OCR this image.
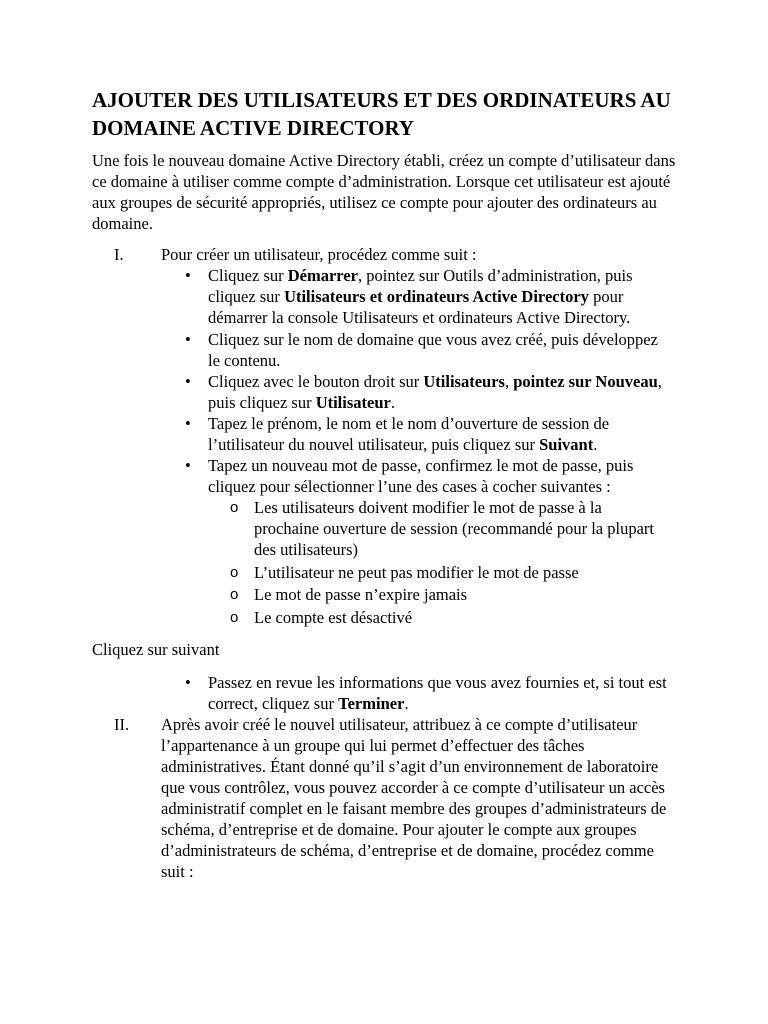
AJOUTER DES UTILISATEURS ET DES ORDINATEURS AU DOMAINE ACTIVE DIRECTORY

Une fois le nouveau domaine Active Directory établi, créez un compte d’utilisateur dans ce domaine à utiliser comme compte d’administration. Lorsque cet utilisateur est ajouté aux groupes de sécurité appropriés, utilisez ce compte pour ajouter des ordinateurs au domaine.

I.	Pour créer un utilisateur, procédez comme suit :
• Cliquez sur Démarrer, pointez sur Outils d’administration, puis cliquez sur Utilisateurs et ordinateurs Active Directory pour démarrer la console Utilisateurs et ordinateurs Active Directory.
• Cliquez sur le nom de domaine que vous avez créé, puis développez le contenu.
• Cliquez avec le bouton droit sur Utilisateurs, pointez sur Nouveau, puis cliquez sur Utilisateur.
• Tapez le prénom, le nom et le nom d’ouverture de session de l’utilisateur du nouvel utilisateur, puis cliquez sur Suivant.
• Tapez un nouveau mot de passe, confirmez le mot de passe, puis cliquez pour sélectionner l’une des cases à cocher suivantes :
o Les utilisateurs doivent modifier le mot de passe à la prochaine ouverture de session (recommandé pour la plupart des utilisateurs)
o L’utilisateur ne peut pas modifier le mot de passe
o Le mot de passe n’expire jamais
o Le compte est désactivé

Cliquez sur suivant

• Passez en revue les informations que vous avez fournies et, si tout est correct, cliquez sur Terminer.
II.	Après avoir créé le nouvel utilisateur, attribuez à ce compte d’utilisateur l’appartenance à un groupe qui lui permet d’effectuer des tâches administratives. Étant donné qu’il s’agit d’un environnement de laboratoire que vous contrôlez, vous pouvez accorder à ce compte d’utilisateur un accès administratif complet en le faisant membre des groupes d’administrateurs de schéma, d’entreprise et de domaine. Pour ajouter le compte aux groupes d’administrateurs de schéma, d’entreprise et de domaine, procédez comme suit :
